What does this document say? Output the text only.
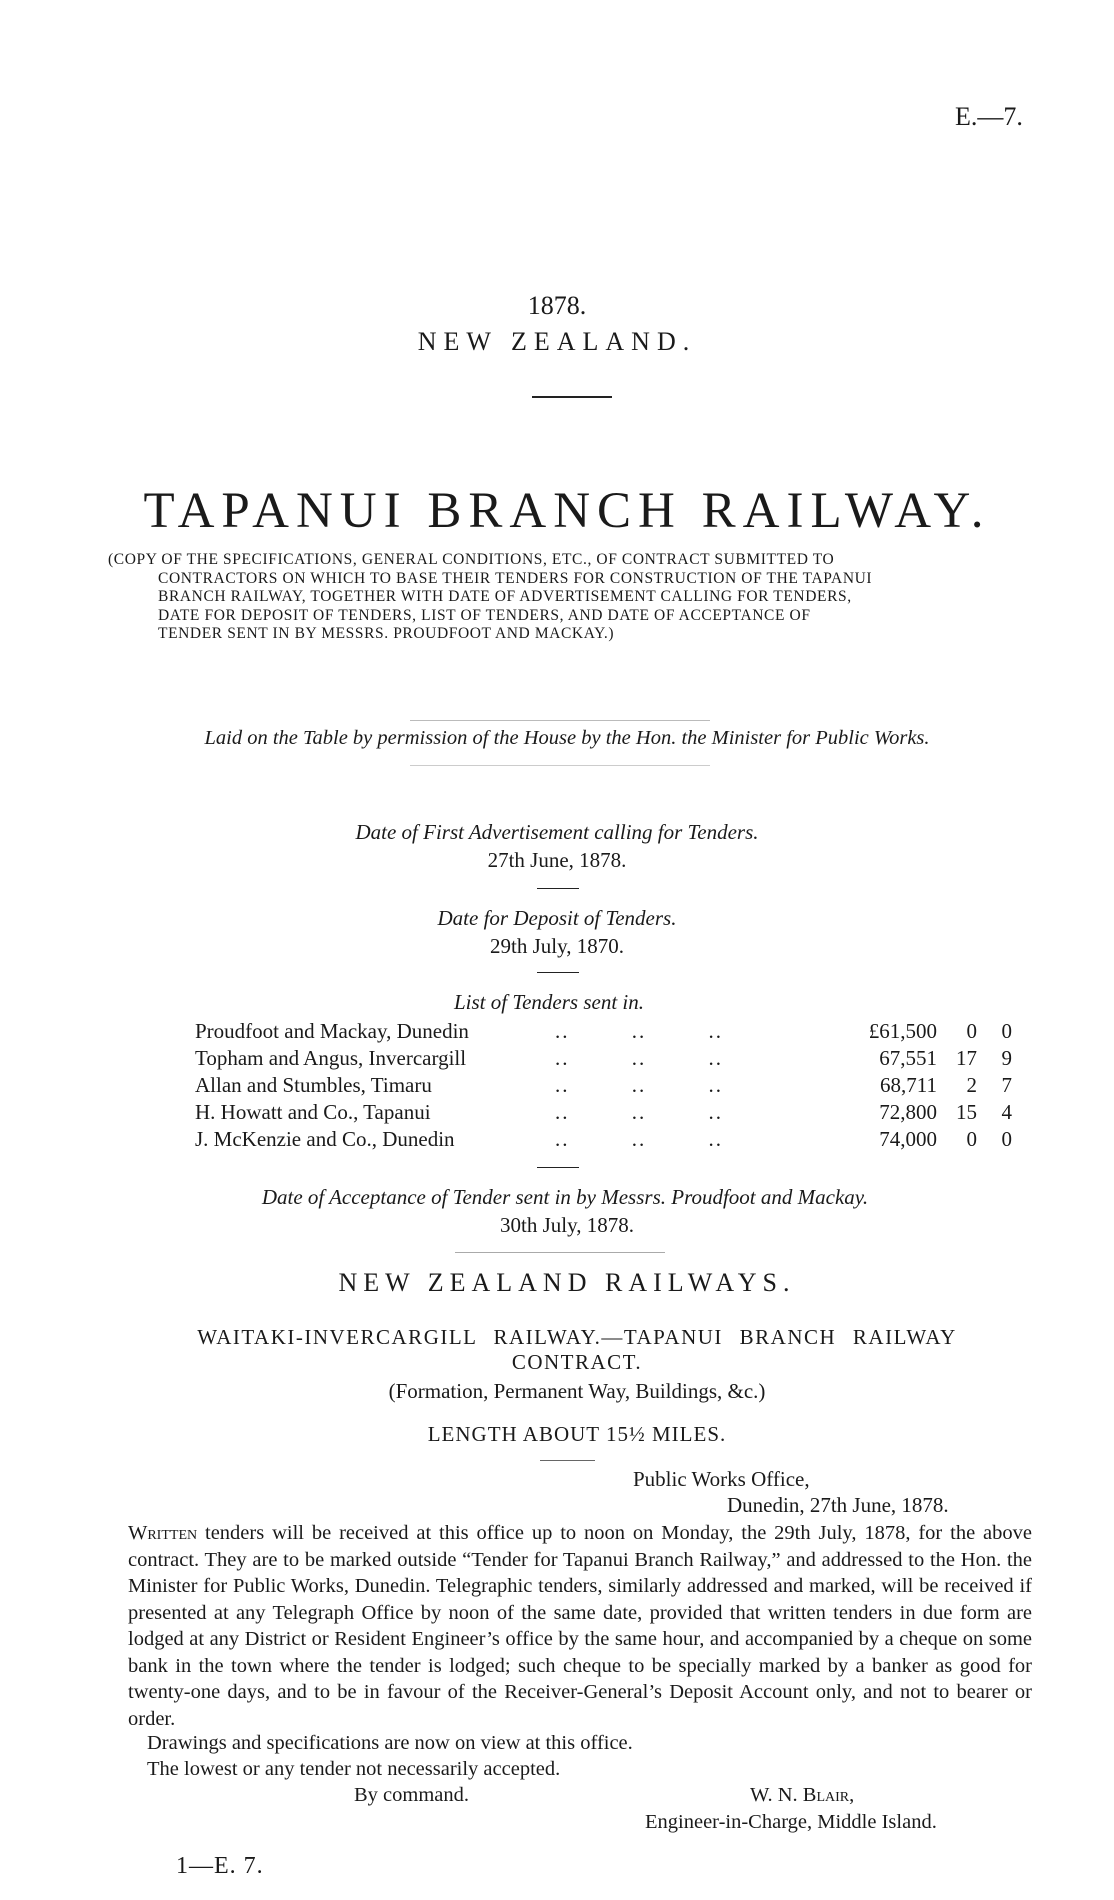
E.—7.
1878.
NEW ZEALAND.
TAPANUI BRANCH RAILWAY.
(COPY OF THE SPECIFICATIONS, GENERAL CONDITIONS, ETC., OF CONTRACT SUBMITTED TO
CONTRACTORS ON WHICH TO BASE THEIR TENDERS FOR CONSTRUCTION OF THE TAPANUI
BRANCH RAILWAY, TOGETHER WITH DATE OF ADVERTISEMENT CALLING FOR TENDERS,
DATE FOR DEPOSIT OF TENDERS, LIST OF TENDERS, AND DATE OF ACCEPTANCE OF
TENDER SENT IN BY MESSRS. PROUDFOOT AND MACKAY.)
Laid on the Table by permission of the House by the Hon. the Minister for Public Works.
Date of First Advertisement calling for Tenders.
27th June, 1878.
Date for Deposit of Tenders.
29th July, 1870.
List of Tenders sent in.
Proudfoot and Mackay, Dunedin	.. .. ..	£61,500	0	0
Topham and Angus, Invercargill	.. .. ..	67,551 17	9
Allan and Stumbles, Timaru	.. .. ..	68,711	2	7
H. Howatt and Co., Tapanui	.. .. ..	72,800 15	4
J. McKenzie and Co., Dunedin	.. .. ..	74,000	0	0
Date of Acceptance of Tender sent in by Messrs. Proudfoot and Mackay.
30th July, 1878.
NEW ZEALAND RAILWAYS.
WAITAKI-INVERCARGILL RAILWAY.—TAPANUI BRANCH RAILWAY
CONTRACT.
(Formation, Permanent Way, Buildings, &c.)
LENGTH ABOUT 15½ MILES.
Public Works Office,
Dunedin, 27th June, 1878.
Written tenders will be received at this office up to noon on Monday, the 29th July, 1878, for the above contract. They are to be marked outside “Tender for Tapanui Branch Railway,” and addressed to the Hon. the Minister for Public Works, Dunedin. Telegraphic tenders, similarly addressed and marked, will be received if presented at any Telegraph Office by noon of the same date, provided that written tenders in due form are lodged at any District or Resident Engineer’s office by the same hour, and accompanied by a cheque on some bank in the town where the tender is lodged; such cheque to be specially marked by a banker as good for twenty-one days, and to be in favour of the Receiver-General’s Deposit Account only, and not to bearer or order.
Drawings and specifications are now on view at this office.
The lowest or any tender not necessarily accepted.
By command.	W. N. Blair,
Engineer-in-Charge, Middle Island.
1—E. 7.
